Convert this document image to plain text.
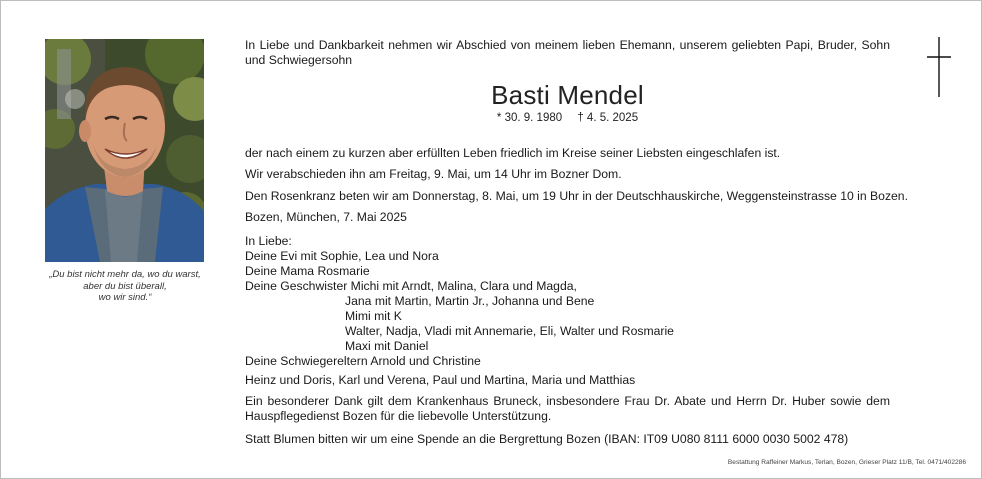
„Du bist nicht mehr da, wo du warst,
aber du bist überall,
wo wir sind.“
In Liebe und Dankbarkeit nehmen wir Abschied von meinem lieben Ehemann, unserem geliebten Papi, Bruder, Sohn und Schwiegersohn
Basti Mendel
* 30. 9. 1980 † 4. 5. 2025
der nach einem zu kurzen aber erfüllten Leben friedlich im Kreise seiner Liebsten eingeschlafen ist.
Wir verabschieden ihn am Freitag, 9. Mai, um 14 Uhr im Bozner Dom.
Den Rosenkranz beten wir am Donnerstag, 8. Mai, um 19 Uhr in der Deutschhauskirche, Weggensteinstrasse 10 in Bozen.
Bozen, München, 7. Mai 2025
In Liebe:
Deine Evi mit Sophie, Lea und Nora
Deine Mama Rosmarie
Deine Geschwister Michi mit Arndt, Malina, Clara und Magda,
Jana mit Martin, Martin Jr., Johanna und Bene
Mimi mit K
Walter, Nadja, Vladi mit Annemarie, Eli, Walter und Rosmarie
Maxi mit Daniel
Deine Schwiegereltern Arnold und Christine
Heinz und Doris, Karl und Verena, Paul und Martina, Maria und Matthias
Ein besonderer Dank gilt dem Krankenhaus Bruneck, insbesondere Frau Dr. Abate und Herrn Dr. Huber sowie dem Hauspflegedienst Bozen für die liebevolle Unterstützung.
Statt Blumen bitten wir um eine Spende an die Bergrettung Bozen (IBAN: IT09 U080 8111 6000 0030 5002 478)
Bestattung Raffeiner Markus, Terlan, Bozen, Grieser Platz 11/B, Tel. 0471/402286
